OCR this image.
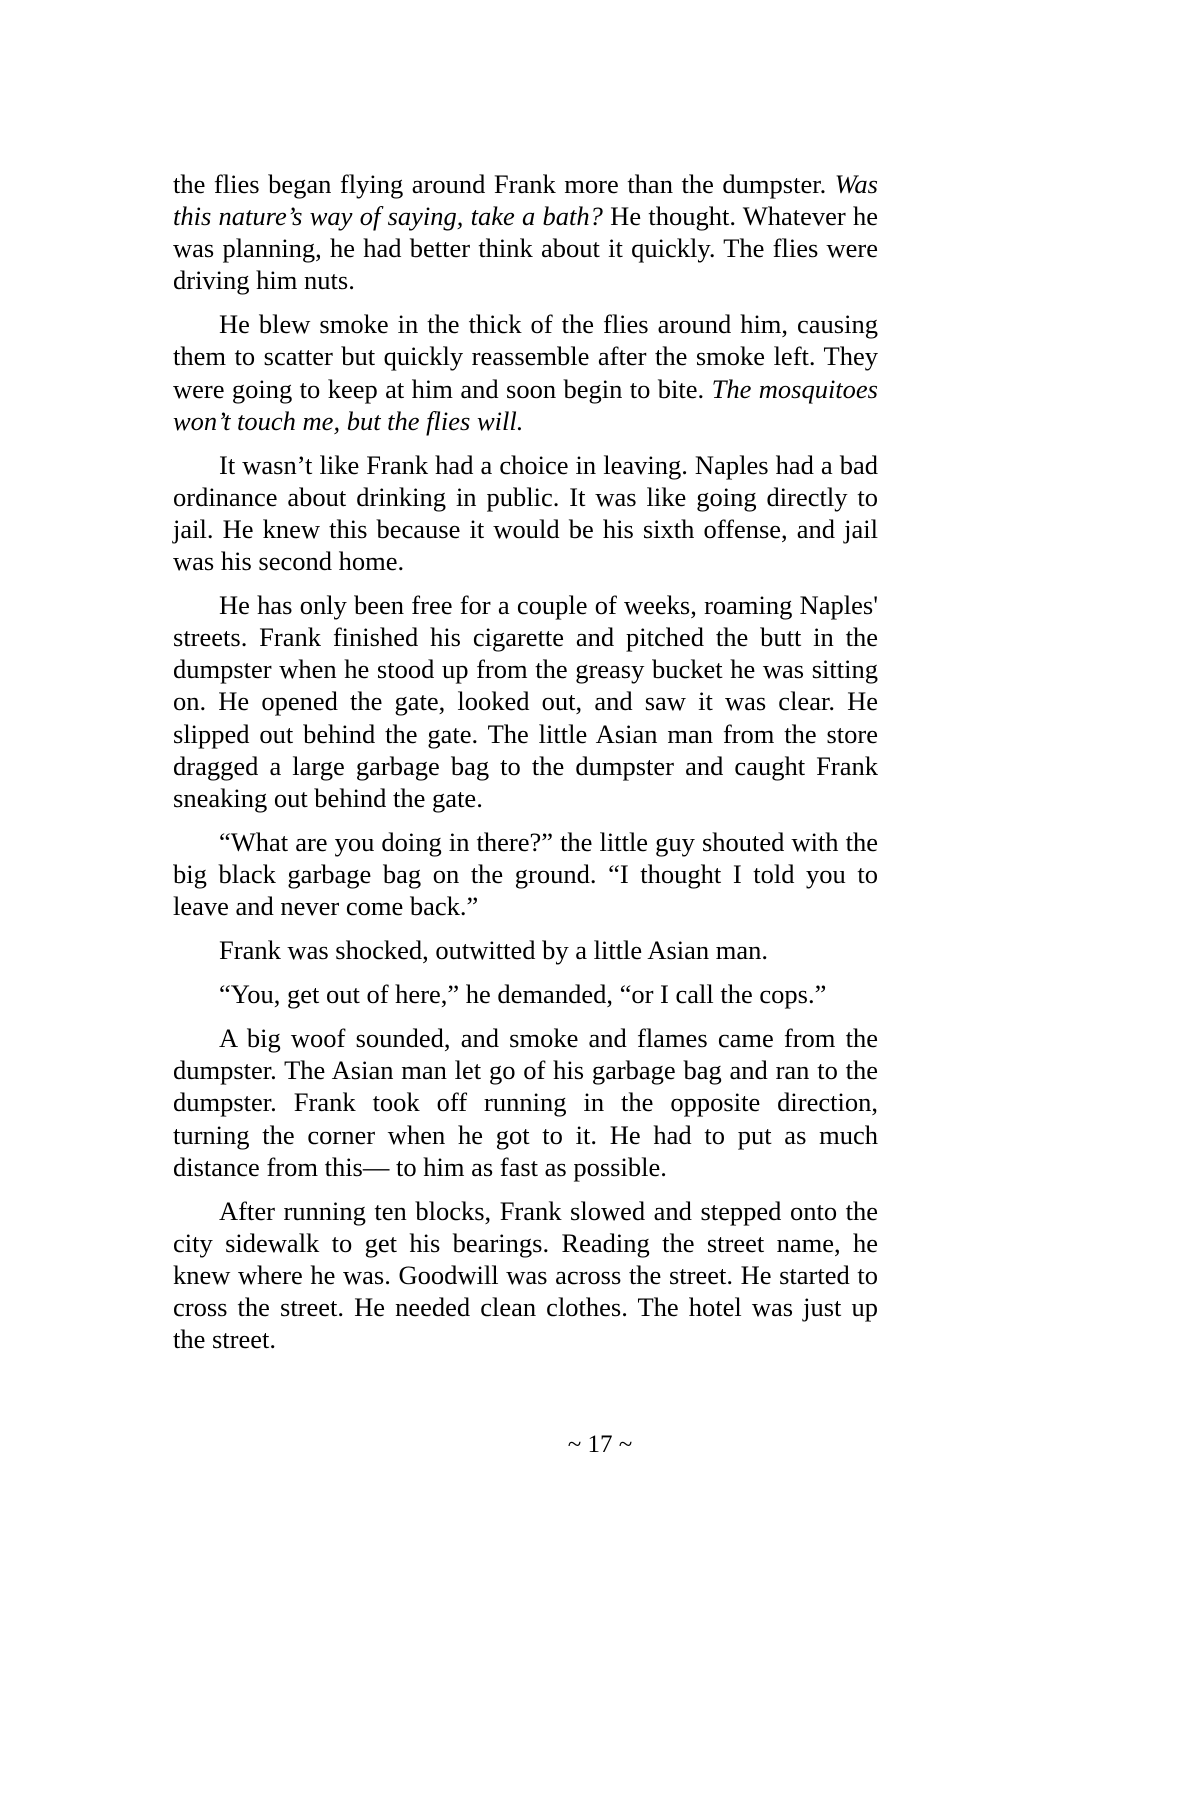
the flies began flying around Frank more than the dumpster. Was this nature’s way of saying, take a bath? He thought. Whatever he was planning, he had better think about it quickly. The flies were driving him nuts.

He blew smoke in the thick of the flies around him, causing them to scatter but quickly reassemble after the smoke left. They were going to keep at him and soon begin to bite. The mosquitoes won’t touch me, but the flies will.

It wasn’t like Frank had a choice in leaving. Naples had a bad ordinance about drinking in public. It was like going directly to jail. He knew this because it would be his sixth offense, and jail was his second home.

He has only been free for a couple of weeks, roaming Naples' streets. Frank finished his cigarette and pitched the butt in the dumpster when he stood up from the greasy bucket he was sitting on. He opened the gate, looked out, and saw it was clear. He slipped out behind the gate. The little Asian man from the store dragged a large garbage bag to the dumpster and caught Frank sneaking out behind the gate.

“What are you doing in there?” the little guy shouted with the big black garbage bag on the ground. “I thought I told you to leave and never come back.”

Frank was shocked, outwitted by a little Asian man.

“You, get out of here,” he demanded, “or I call the cops.”

A big woof sounded, and smoke and flames came from the dumpster. The Asian man let go of his garbage bag and ran to the dumpster. Frank took off running in the opposite direction, turning the corner when he got to it. He had to put as much distance from this— to him as fast as possible.

After running ten blocks, Frank slowed and stepped onto the city sidewalk to get his bearings. Reading the street name, he knew where he was. Goodwill was across the street. He started to cross the street. He needed clean clothes. The hotel was just up the street.

~ 17 ~
